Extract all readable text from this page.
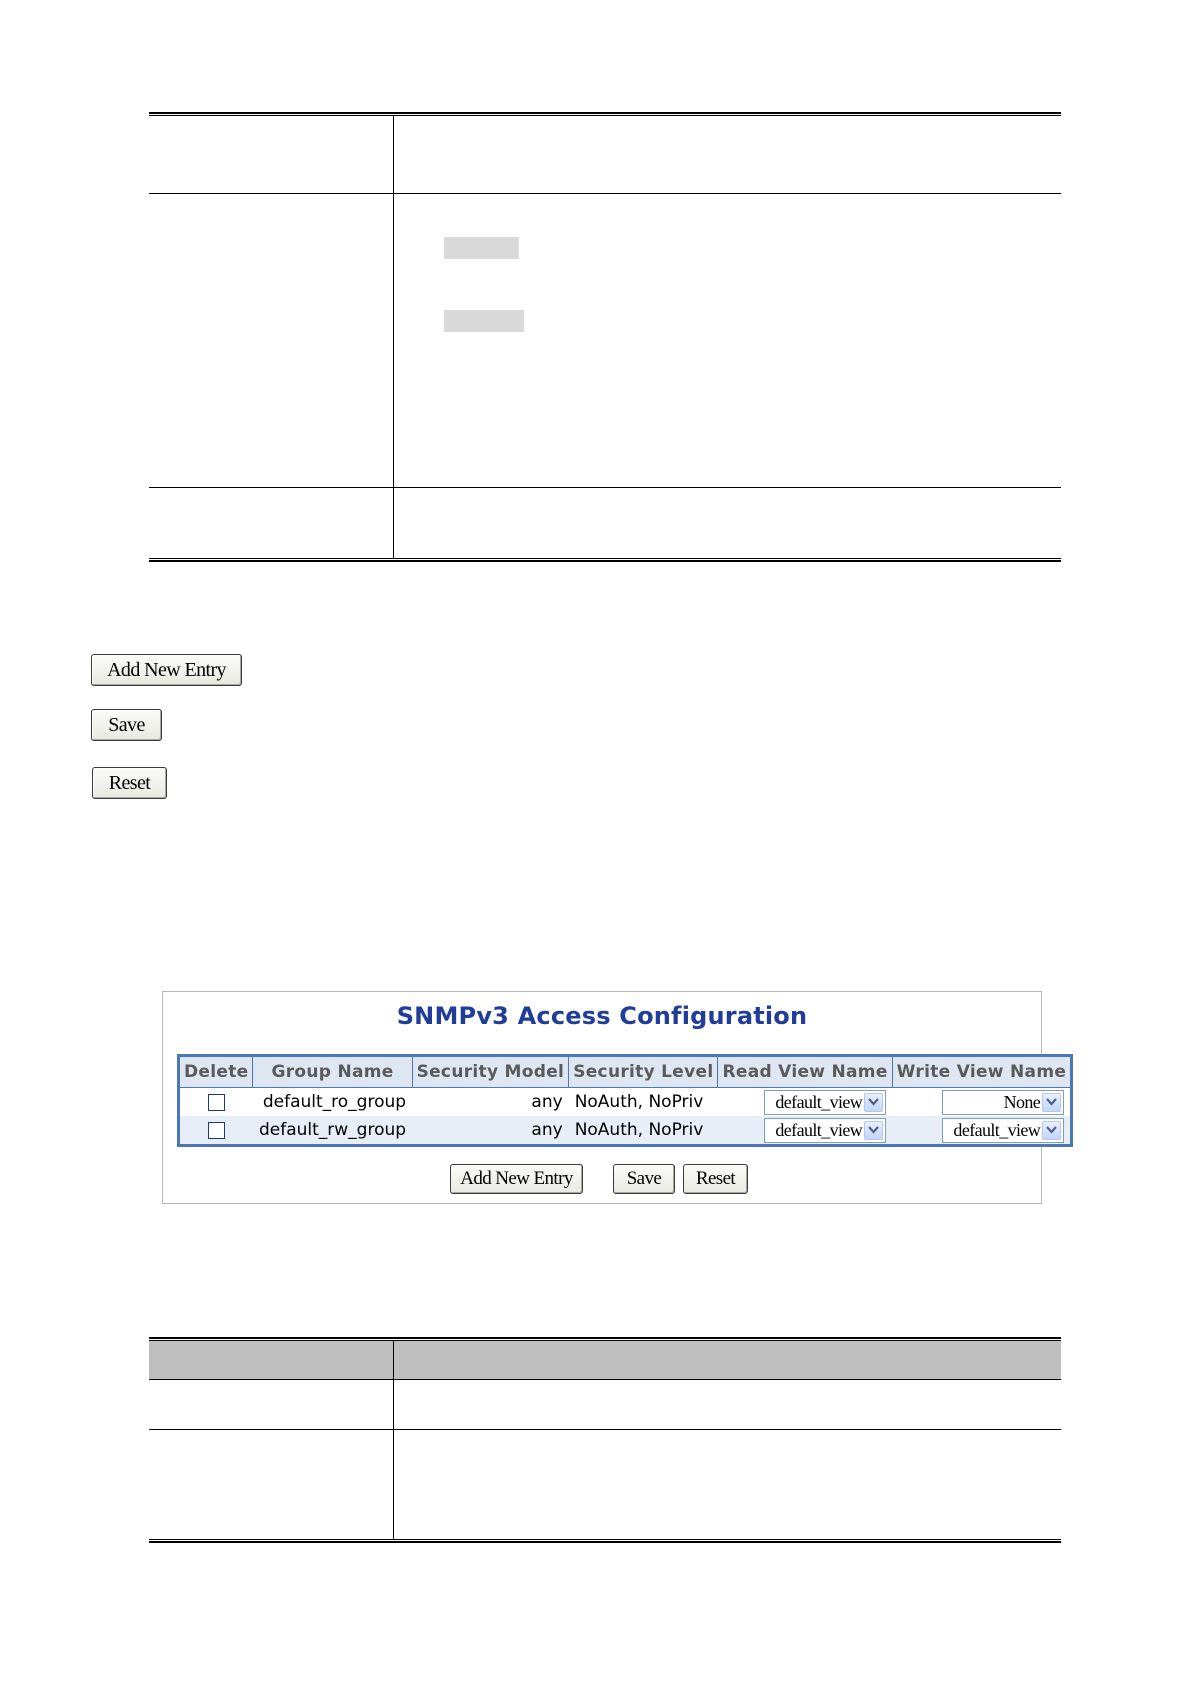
Add New Entry
Save
Reset
SNMPv3 Access Configuration
Delete	Group Name	Security Model	Security Level	Read View Name	Write View Name
	default_ro_group	any	NoAuth, NoPriv	default_view	None

	default_rw_group	any	NoAuth, NoPriv	default_view	default_view
Add New Entry	Save	Reset
